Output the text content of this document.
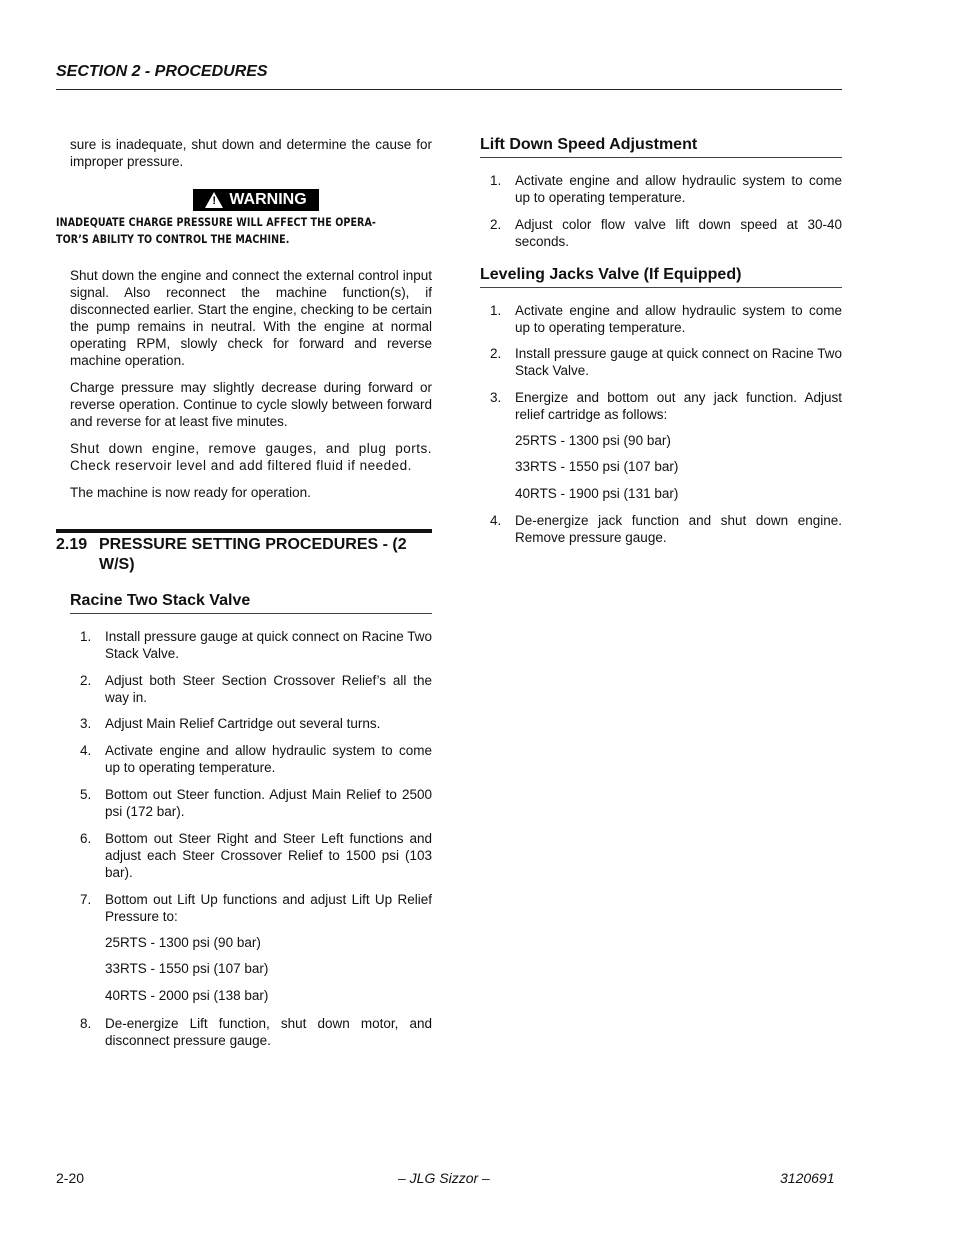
SECTION 2 - PROCEDURES

sure is inadequate, shut down and determine the cause for improper pressure.

! WARNING
INADEQUATE CHARGE PRESSURE WILL AFFECT THE OPERA-TOR’S ABILITY TO CONTROL THE MACHINE.

Shut down the engine and connect the external control input signal. Also reconnect the machine function(s), if disconnected earlier. Start the engine, checking to be certain the pump remains in neutral. With the engine at normal operating RPM, slowly check for forward and reverse machine operation.

Charge pressure may slightly decrease during forward or reverse operation. Continue to cycle slowly between forward and reverse for at least five minutes.

Shut down engine, remove gauges, and plug ports. Check reservoir level and add filtered fluid if needed.

The machine is now ready for operation.

2.19 PRESSURE SETTING PROCEDURES - (2
W/S)
Racine Two Stack Valve
1.	Install pressure gauge at quick connect on Racine Two Stack Valve.
2.	Adjust both Steer Section Crossover Relief’s all the way in.
3.	Adjust Main Relief Cartridge out several turns.
4.	Activate engine and allow hydraulic system to come up to operating temperature.
5.	Bottom out Steer function. Adjust Main Relief to 2500 psi (172 bar).
6.	Bottom out Steer Right and Steer Left functions and adjust each Steer Crossover Relief to 1500 psi (103 bar).
7.	Bottom out Lift Up functions and adjust Lift Up Relief Pressure to:
25RTS - 1300 psi (90 bar)
33RTS - 1550 psi (107 bar)
40RTS - 2000 psi (138 bar)
8.	De-energize Lift function, shut down motor, and disconnect pressure gauge.
Lift Down Speed Adjustment
1.	Activate engine and allow hydraulic system to come up to operating temperature.
2.	Adjust color flow valve lift down speed at 30-40 seconds.
Leveling Jacks Valve (If Equipped)
1.	Activate engine and allow hydraulic system to come up to operating temperature.
2.	Install pressure gauge at quick connect on Racine Two Stack Valve.
3.	Energize and bottom out any jack function. Adjust relief cartridge as follows:
25RTS - 1300 psi (90 bar)
33RTS - 1550 psi (107 bar)
40RTS - 1900 psi (131 bar)
4.	De-energize jack function and shut down engine. Remove pressure gauge.
2-20	– JLG Sizzor –	3120691
